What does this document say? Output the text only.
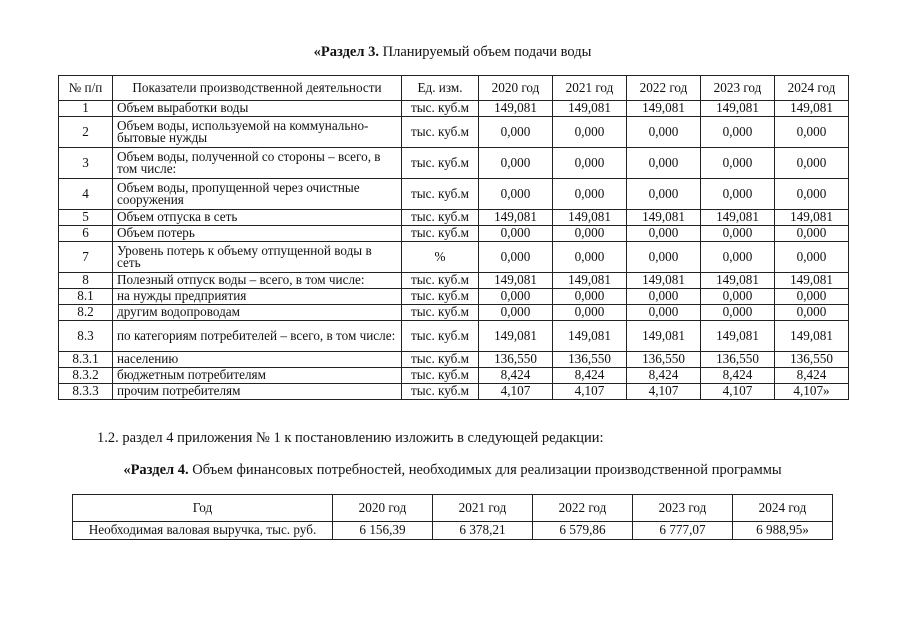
«Раздел 3. Планируемый объем подачи воды
№ п/п	Показатели производственной деятельности	Ед. изм.	2020 год	2021 год	2022 год	2023 год	2024 год
1	Объем выработки воды	тыс. куб.м	149,081	149,081	149,081	149,081	149,081
2	Объем воды, используемой на коммунально-бытовые нужды	тыс. куб.м	0,000	0,000	0,000	0,000	0,000
3	Объем воды, полученной со стороны – всего, в том числе:	тыс. куб.м	0,000	0,000	0,000	0,000	0,000
4	Объем воды, пропущенной через очистные сооружения	тыс. куб.м	0,000	0,000	0,000	0,000	0,000
5	Объем отпуска в сеть	тыс. куб.м	149,081	149,081	149,081	149,081	149,081
6	Объем потерь	тыс. куб.м	0,000	0,000	0,000	0,000	0,000
7	Уровень потерь к объему отпущенной воды в сеть	%	0,000	0,000	0,000	0,000	0,000
8	Полезный отпуск воды – всего, в том числе:	тыс. куб.м	149,081	149,081	149,081	149,081	149,081
8.1	на нужды предприятия	тыс. куб.м	0,000	0,000	0,000	0,000	0,000
8.2	другим водопроводам	тыс. куб.м	0,000	0,000	0,000	0,000	0,000
8.3	по категориям потребителей – всего, в том числе:	тыс. куб.м	149,081	149,081	149,081	149,081	149,081
8.3.1	населению	тыс. куб.м	136,550	136,550	136,550	136,550	136,550
8.3.2	бюджетным потребителям	тыс. куб.м	8,424	8,424	8,424	8,424	8,424
8.3.3	прочим потребителям	тыс. куб.м	4,107	4,107	4,107	4,107	4,107»
1.2. раздел 4 приложения № 1 к постановлению изложить в следующей редакции:
«Раздел 4. Объем финансовых потребностей, необходимых для реализации производственной программы
Год	2020 год	2021 год	2022 год	2023 год	2024 год
Необходимая валовая выручка, тыс. руб.	6 156,39	6 378,21	6 579,86	6 777,07	6 988,95»
